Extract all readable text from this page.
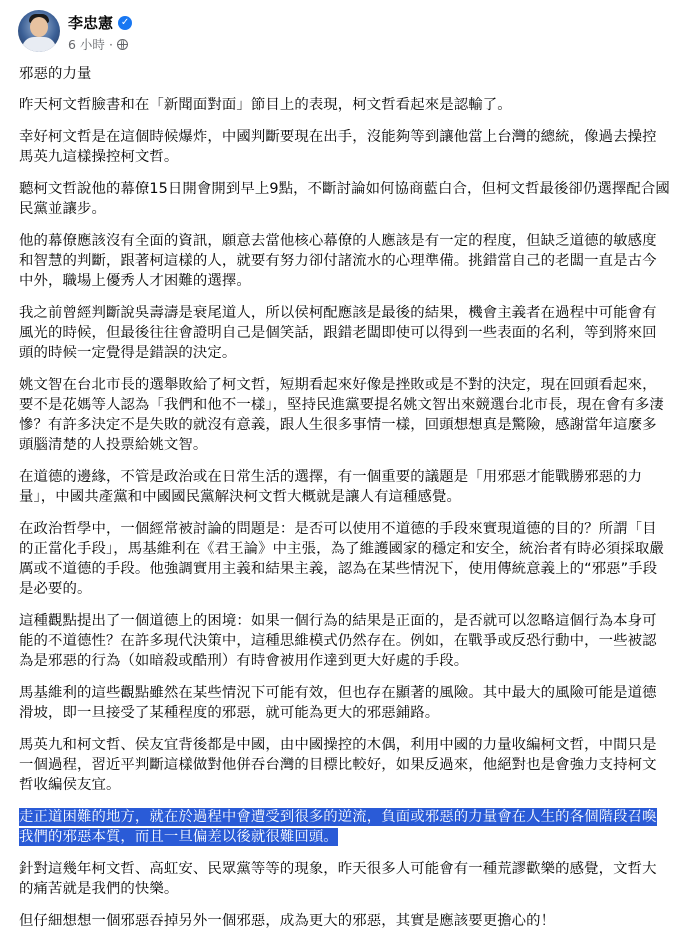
李忠憲 ✓
6 小時 ·

邪惡的力量

昨天柯文哲臉書和在「新聞面對面」節目上的表現，柯文哲看起來是認輸了。

幸好柯文哲是在這個時候爆炸，中國判斷要現在出手，沒能夠等到讓他當上台灣的總統，像過去操控馬英九這樣操控柯文哲。

聽柯文哲說他的幕僚15日開會開到早上9點，不斷討論如何協商藍白合，但柯文哲最後卻仍選擇配合國民黨並讓步。

他的幕僚應該沒有全面的資訊，願意去當他核心幕僚的人應該是有一定的程度，但缺乏道德的敏感度和智慧的判斷，跟著柯這樣的人，就要有努力卻付諸流水的心理準備。挑錯當自己的老闆一直是古今中外，職場上優秀人才困難的選擇。

我之前曾經判斷說吳壽濤是衰尾道人，所以侯柯配應該是最後的結果，機會主義者在過程中可能會有風光的時候，但最後往往會證明自己是個笑話，跟錯老闆即使可以得到一些表面的名利，等到將來回頭的時候一定覺得是錯誤的決定。

姚文智在台北市長的選舉敗給了柯文哲，短期看起來好像是挫敗或是不對的決定，現在回頭看起來，要不是花媽等人認為「我們和他不一樣」，堅持民進黨要提名姚文智出來競選台北市長，現在會有多淒慘？有許多決定不是失敗的就沒有意義，跟人生很多事情一樣，回頭想想真是驚險，感謝當年這麼多頭腦清楚的人投票給姚文智。

在道德的邊緣，不管是政治或在日常生活的選擇，有一個重要的議題是「用邪惡才能戰勝邪惡的力量」，中國共產黨和中國國民黨解決柯文哲大概就是讓人有這種感覺。

在政治哲學中，一個經常被討論的問題是：是否可以使用不道德的手段來實現道德的目的？所謂「目的正當化手段」，馬基維利在《君王論》中主張，為了維護國家的穩定和安全，統治者有時必須採取嚴厲或不道德的手段。他強調實用主義和結果主義，認為在某些情況下，使用傳統意義上的“邪惡”手段是必要的。

這種觀點提出了一個道德上的困境：如果一個行為的結果是正面的，是否就可以忽略這個行為本身可能的不道德性？在許多現代決策中，這種思維模式仍然存在。例如，在戰爭或反恐行動中，一些被認為是邪惡的行為（如暗殺或酷刑）有時會被用作達到更大好處的手段。

馬基維利的這些觀點雖然在某些情況下可能有效，但也存在顯著的風險。其中最大的風險可能是道德滑坡，即一旦接受了某種程度的邪惡，就可能為更大的邪惡鋪路。

馬英九和柯文哲、侯友宜背後都是中國，由中國操控的木偶，利用中國的力量收編柯文哲，中間只是一個過程，習近平判斷這樣做對他併吞台灣的目標比較好，如果反過來，他絕對也是會強力支持柯文哲收編侯友宜。

走正道困難的地方，就在於過程中會遭受到很多的逆流，負面或邪惡的力量會在人生的各個階段召喚我們的邪惡本質，而且一旦偏差以後就很難回頭。

針對這幾年柯文哲、高虹安、民眾黨等等的現象，昨天很多人可能會有一種荒謬歡樂的感覺，文哲大的痛苦就是我們的快樂。

但仔細想想一個邪惡吞掉另外一個邪惡，成為更大的邪惡，其實是應該要更擔心的！
